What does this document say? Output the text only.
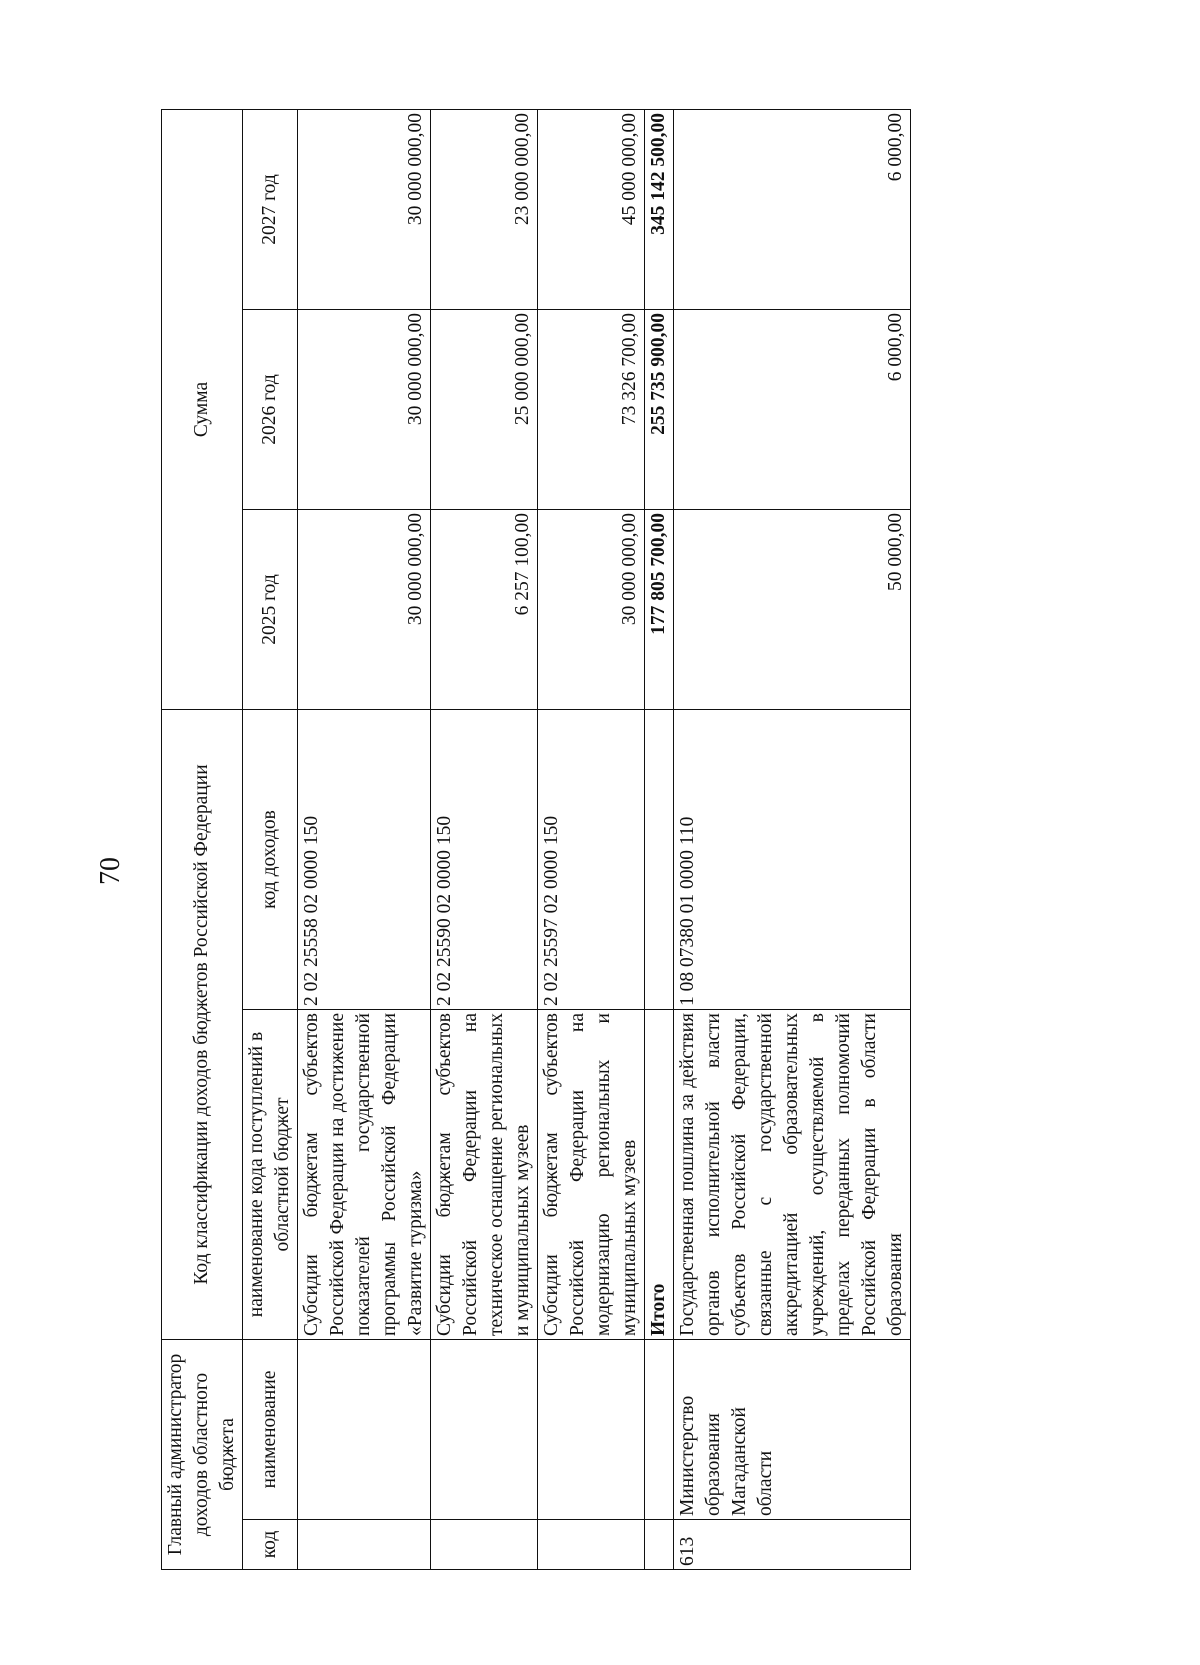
70
Главный администратор доходов областного бюджета		Код классификации доходов бюджетов Российской Федерации		Сумма		
код	наименование	наименование кода поступлений в областной бюджет	код доходов	2025 год	2026 год	2027 год
		Субсидии бюджетам субъектов Российской Федерации на достижение показателей государственной программы Российской Федерации «Развитие туризма»	2 02 25558 02 0000 150	30 000 000,00	30 000 000,00	30 000 000,00
		Субсидии бюджетам субъектов Российской Федерации на техническое оснащение региональных и муниципальных музеев	2 02 25590 02 0000 150	6 257 100,00	25 000 000,00	23 000 000,00
		Субсидии бюджетам субъектов Российской Федерации на модернизацию региональных и муниципальных музеев	2 02 25597 02 0000 150	30 000 000,00	73 326 700,00	45 000 000,00
		Итого		177 805 700,00	255 735 900,00	345 142 500,00
613	Министерство образования Магаданской области	Государственная пошлина за действия органов исполнительной власти субъектов Российской Федерации, связанные с государственной аккредитацией образовательных учреждений, осуществляемой в пределах переданных полномочий Российской Федерации в области образования	1 08 07380 01 0000 110	50 000,00	6 000,00	6 000,00
